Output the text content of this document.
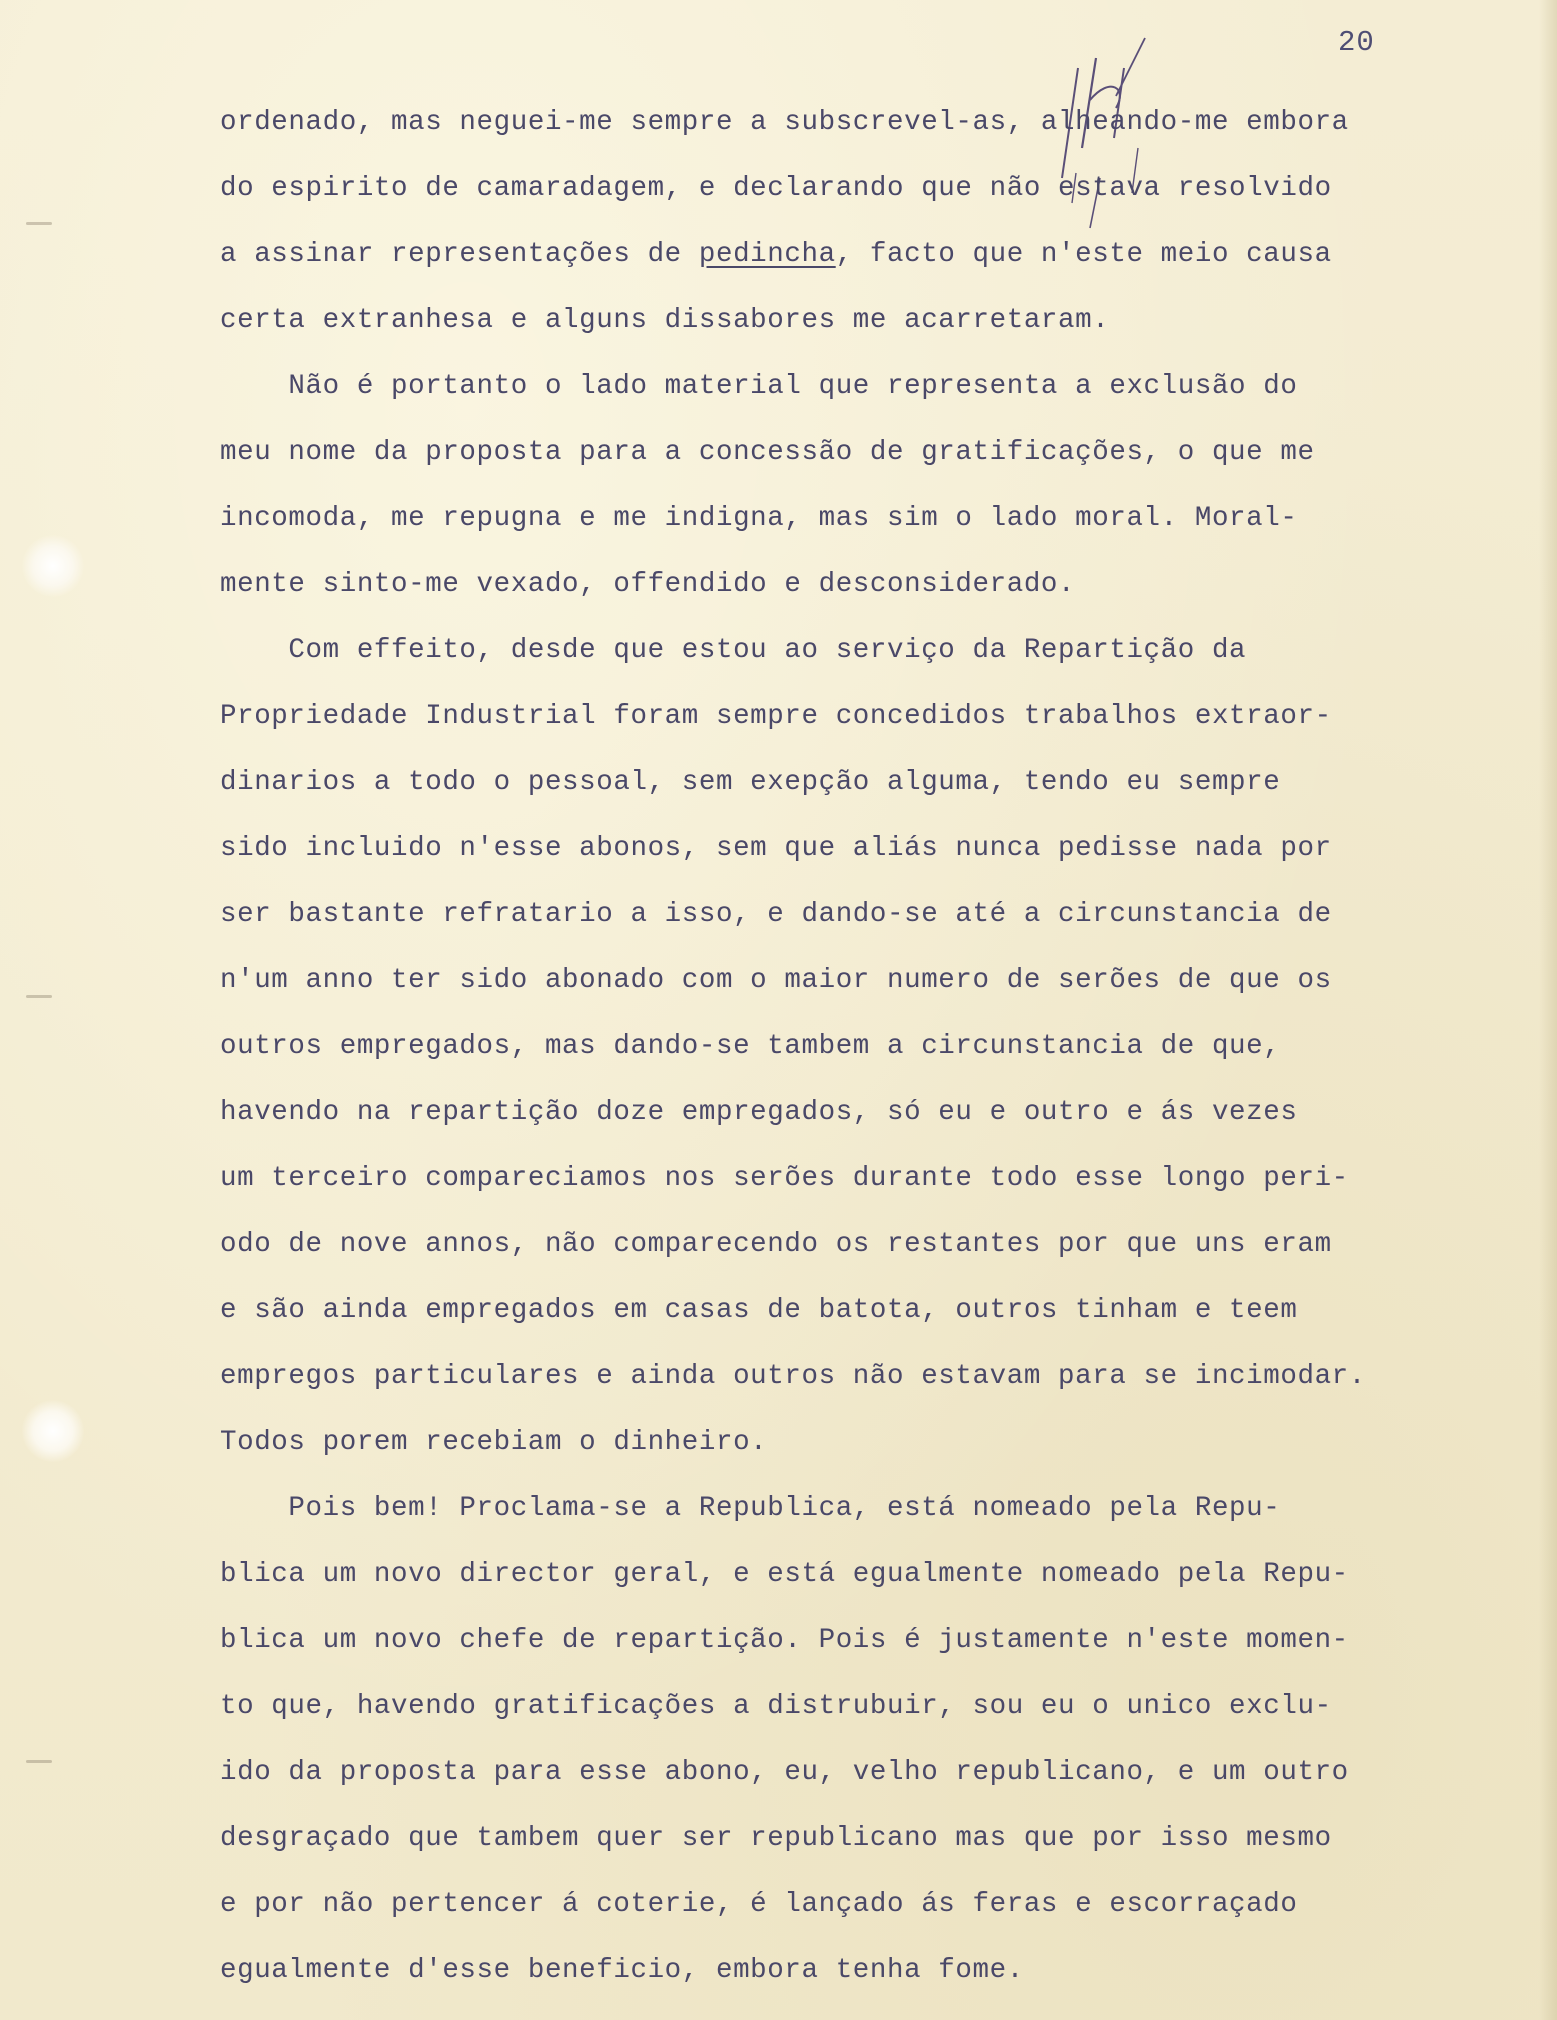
20
ordenado, mas neguei-me sempre a subscrevel-as, alheando-me embora
do espirito de camaradagem, e declarando que não estava resolvido
a assinar representações de pedincha, facto que n'este meio causa
certa extranhesa e alguns dissabores me acarretaram.
Não é portanto o lado material que representa a exclusão do
meu nome da proposta para a concessão de gratificações, o que me
incomoda, me repugna e me indigna, mas sim o lado moral. Moral-
mente sinto-me vexado, offendido e desconsiderado.
Com effeito, desde que estou ao serviço da Repartição da
Propriedade Industrial foram sempre concedidos trabalhos extraor-
dinarios a todo o pessoal, sem exepção alguma, tendo eu sempre
sido incluido n'esse abonos, sem que aliás nunca pedisse nada por
ser bastante refratario a isso, e dando-se até a circunstancia de
n'um anno ter sido abonado com o maior numero de serões de que os
outros empregados, mas dando-se tambem a circunstancia de que,
havendo na repartição doze empregados, só eu e outro e ás vezes
um terceiro compareciamos nos serões durante todo esse longo peri-
odo de nove annos, não comparecendo os restantes por que uns eram
e são ainda empregados em casas de batota, outros tinham e teem
empregos particulares e ainda outros não estavam para se incimodar.
Todos porem recebiam o dinheiro.
Pois bem! Proclama-se a Republica, está nomeado pela Repu-
blica um novo director geral, e está egualmente nomeado pela Repu-
blica um novo chefe de repartição. Pois é justamente n'este momen-
to que, havendo gratificações a distrubuir, sou eu o unico exclu-
ido da proposta para esse abono, eu, velho republicano, e um outro
desgraçado que tambem quer ser republicano mas que por isso mesmo
e por não pertencer á coterie, é lançado ás feras e escorraçado
egualmente d'esse beneficio, embora tenha fome.
